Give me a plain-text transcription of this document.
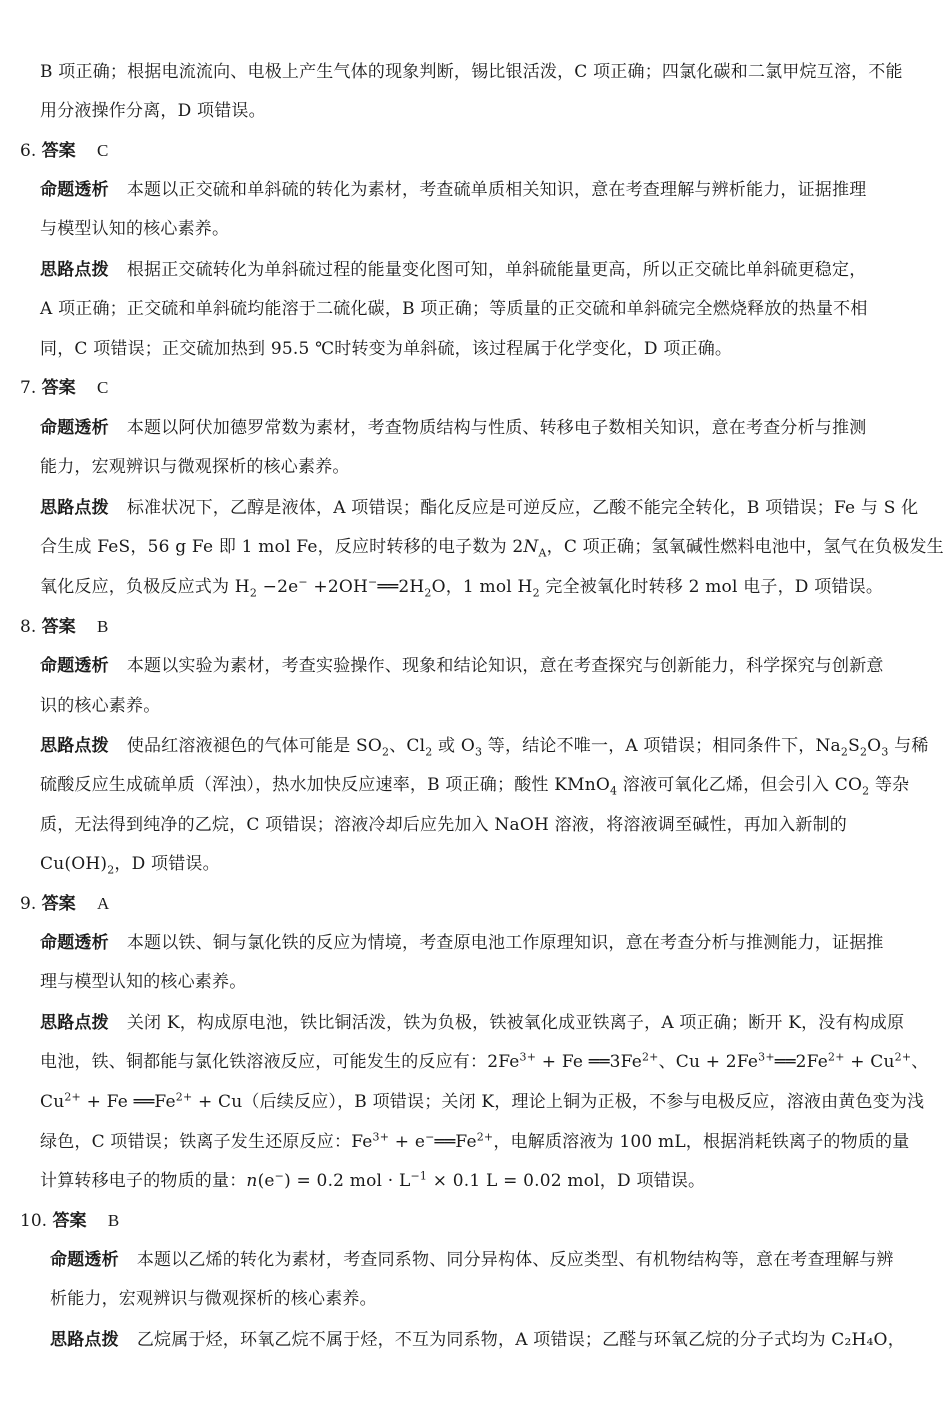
B 项正确；根据电流流向、电极上产生气体的现象判断，锡比银活泼，C 项正确；四氯化碳和二氯甲烷互溶，不能
用分液操作分离，D 项错误。
6. 答案 C
命题透析 本题以正交硫和单斜硫的转化为素材，考查硫单质相关知识，意在考查理解与辨析能力，证据推理
与模型认知的核心素养。
思路点拨 根据正交硫转化为单斜硫过程的能量变化图可知，单斜硫能量更高，所以正交硫比单斜硫更稳定，
A 项正确；正交硫和单斜硫均能溶于二硫化碳，B 项正确；等质量的正交硫和单斜硫完全燃烧释放的热量不相
同，C 项错误；正交硫加热到 95.5 ℃时转变为单斜硫，该过程属于化学变化，D 项正确。
7. 答案 C
命题透析 本题以阿伏加德罗常数为素材，考查物质结构与性质、转移电子数相关知识，意在考查分析与推测
能力，宏观辨识与微观探析的核心素养。
思路点拨 标准状况下，乙醇是液体，A 项错误；酯化反应是可逆反应，乙酸不能完全转化，B 项错误；Fe 与 S 化
合生成 FeS，56 g Fe 即 1 mol Fe，反应时转移的电子数为 $2N_A$，C 项正确；氢氧碱性燃料电池中，氢气在负极发生
氧化反应，负极反应式为 $H_2 -2e^-$ $+2OH^-══2H_2O$，1 mol $H_2$ 完全被氧化时转移 2 mol 电子，D 项错误。
8. 答案 B
命题透析 本题以实验为素材，考查实验操作、现象和结论知识，意在考查探究与创新能力，科学探究与创新意
识的核心素养。
思路点拨 使品红溶液褪色的气体可能是 $SO_2$、$Cl_2$ 或 $O_3$ 等，结论不唯一，A 项错误；相同条件下，$Na_2S_2O_3$ 与稀
硫酸反应生成硫单质（浑浊），热水加快反应速率，B 项正确；酸性 KMnO$_4$ 溶液可氧化乙烯，但会引入 $CO_2$ 等杂
质，无法得到纯净的乙烷，C 项错误；溶液冷却后应先加入 NaOH 溶液，将溶液调至碱性，再加入新制的
$Cu(OH)_2$，D 项错误。
9. 答案 A
命题透析 本题以铁、铜与氯化铁的反应为情境，考查原电池工作原理知识，意在考查分析与推测能力，证据推
理与模型认知的核心素养。
思路点拨 关闭 K，构成原电池，铁比铜活泼，铁为负极，铁被氧化成亚铁离子，A 项正确；断开 K，没有构成原
电池，铁、铜都能与氯化铁溶液反应，可能发生的反应有：$2Fe^{3+} + Fe$ $══3Fe^{2+}$、$Cu + 2Fe^{3+}══2Fe^{2+} + Cu^{2+}$、
$Cu^{2+} + Fe$ $══Fe^{2+} + Cu$（后续反应），B 项错误；关闭 K，理论上铜为正极，不参与电极反应，溶液由黄色变为浅
绿色，C 项错误；铁离子发生还原反应：$Fe^{3+}$ + $e^-══Fe^{2+}$，电解质溶液为 100 mL，根据消耗铁离子的物质的量
计算转移电子的物质的量：n(e−) = 0.2 mol · $L^{-1} \times 0.1$ L = 0.02 mol，D 项错误。
10. 答案 B
命题透析 本题以乙烯的转化为素材，考查同系物、同分异构体、反应类型、有机物结构等，意在考查理解与辨
析能力，宏观辨识与微观探析的核心素养。
思路点拨 乙烷属于烃，环氧乙烷不属于烃，不互为同系物，A 项错误；乙醛与环氧乙烷的分子式均为 C₂H₄O，
